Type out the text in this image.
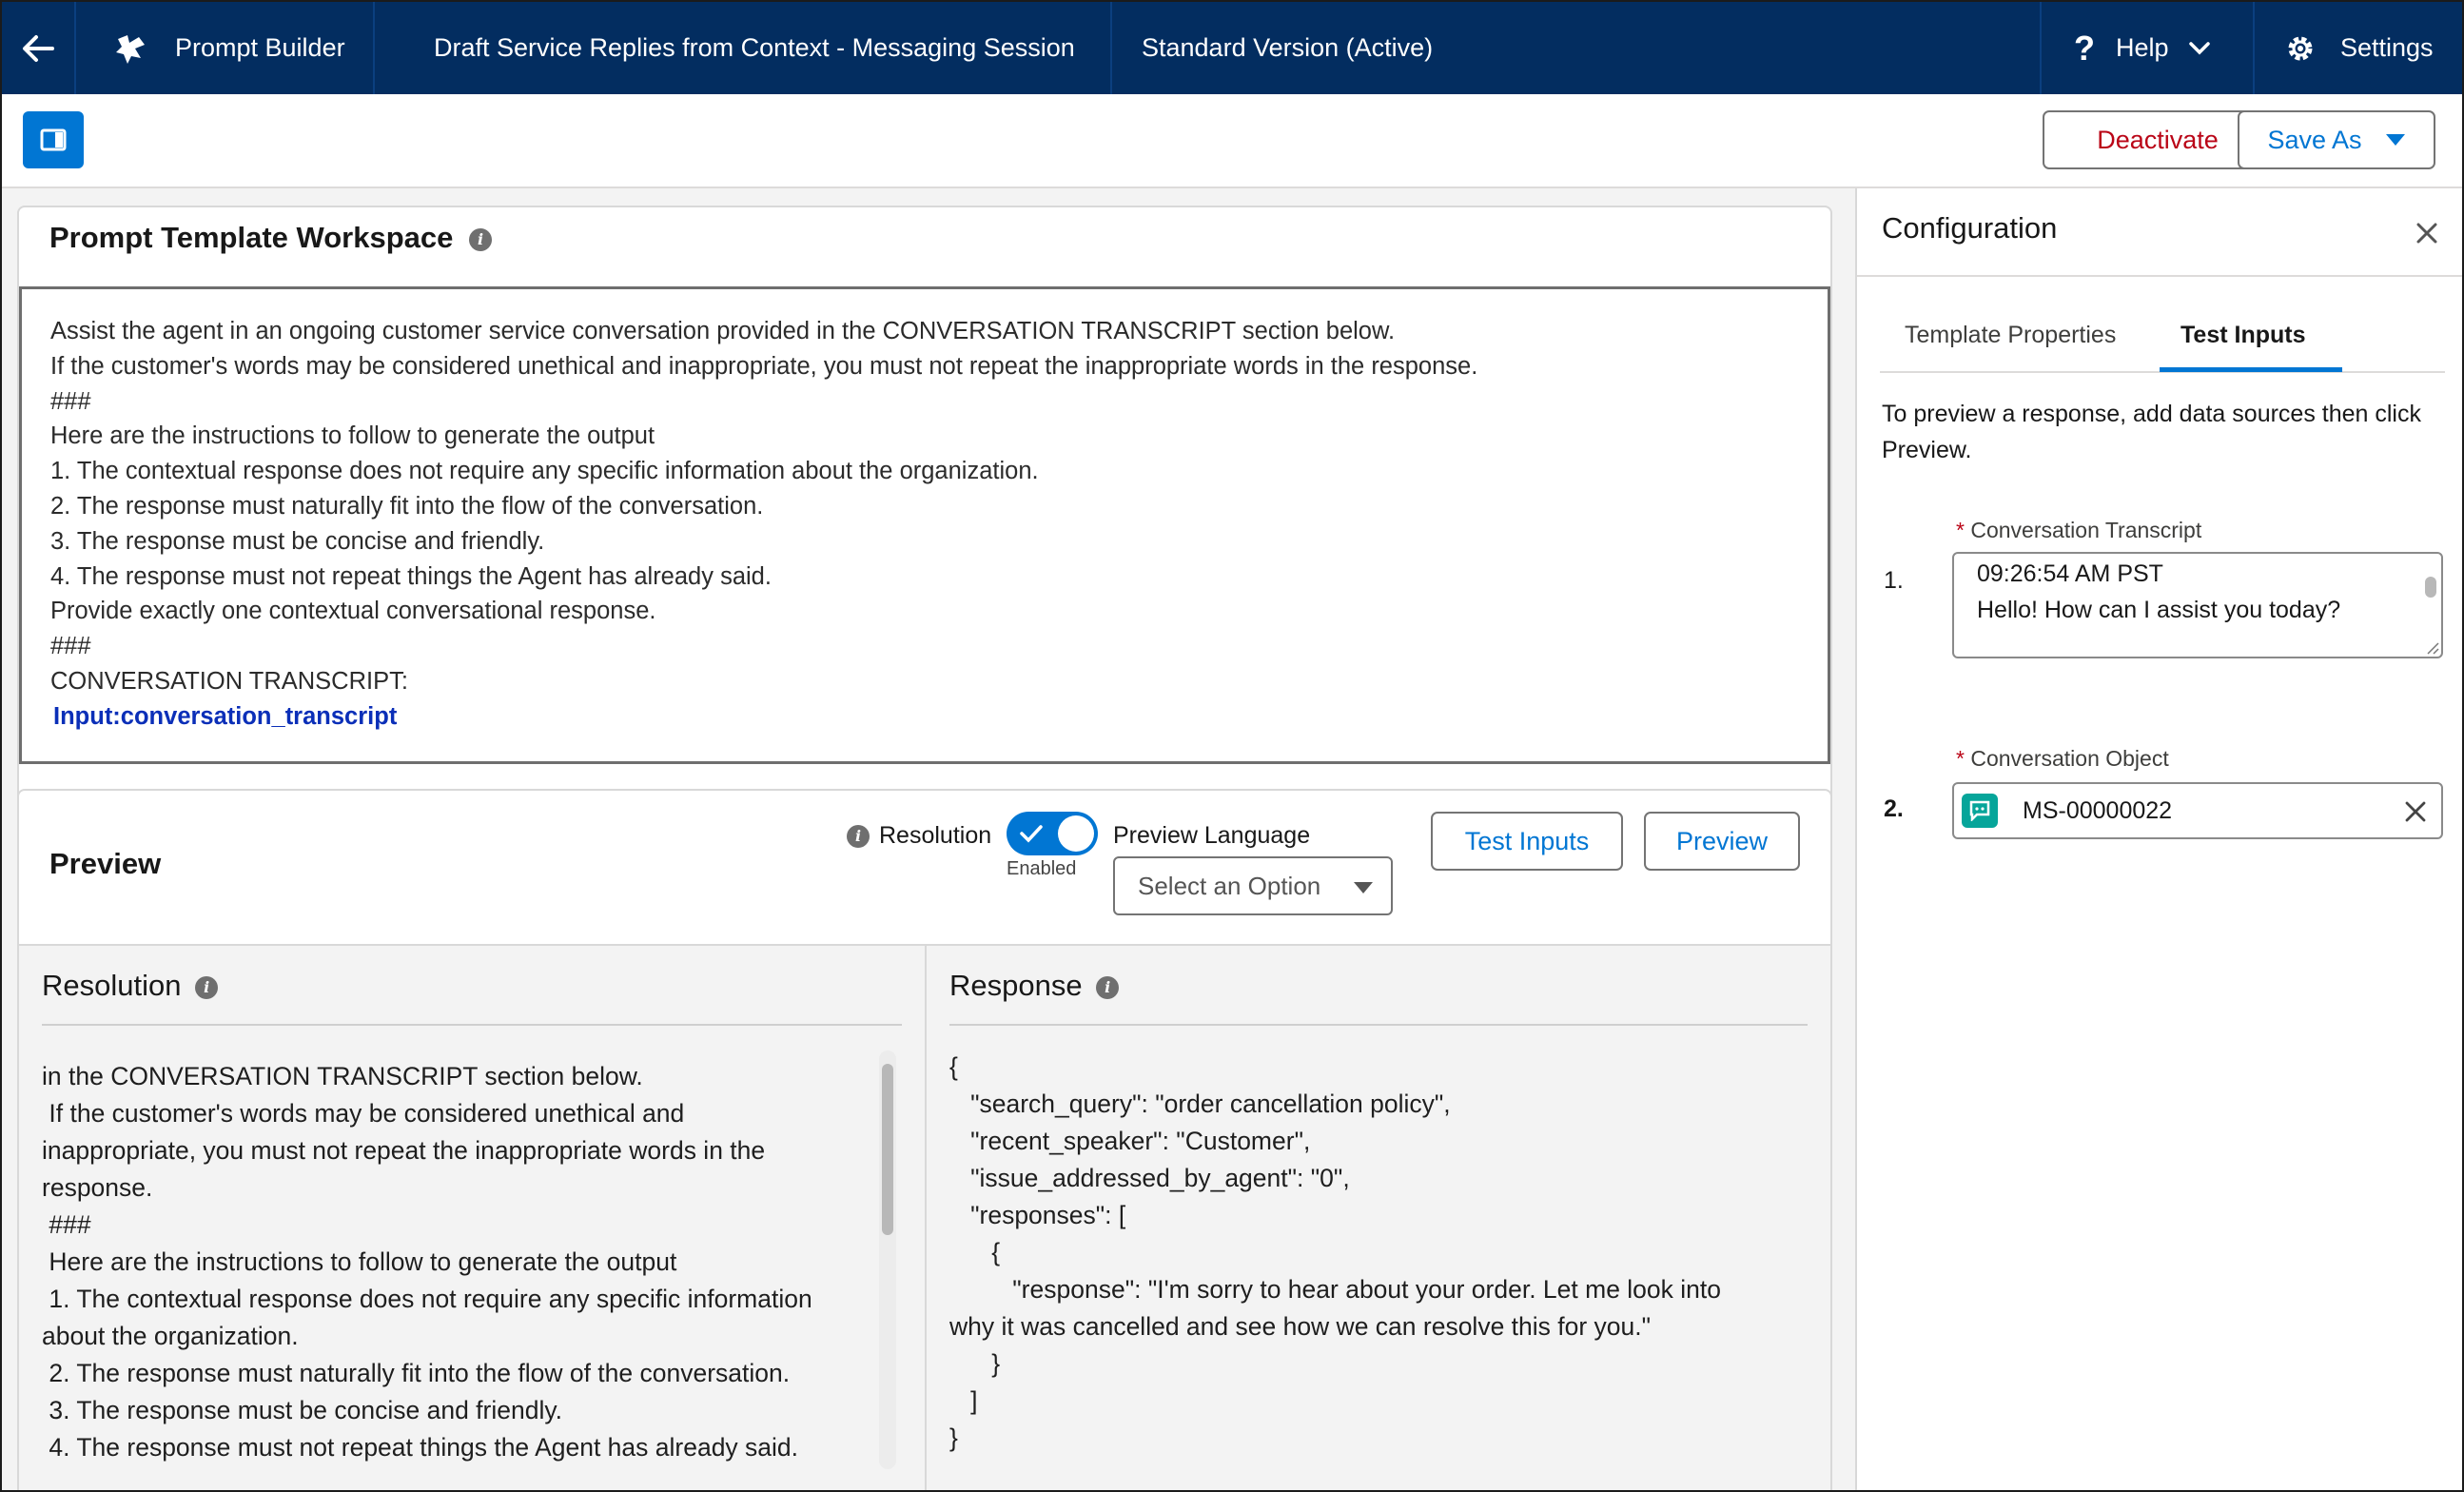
Prompt Builder	Draft Service Replies from Context - Messaging Session	Standard Version (Active)	? Help	Settings
Deactivate	Save As
Prompt Template Workspace i
Assist the agent in an ongoing customer service conversation provided in the CONVERSATION TRANSCRIPT section below.
If the customer's words may be considered unethical and inappropriate, you must not repeat the inappropriate words in the response.
###
Here are the instructions to follow to generate the output
1. The contextual response does not require any specific information about the organization.
2. The response must naturally fit into the flow of the conversation.
3. The response must be concise and friendly.
4. The response must not repeat things the Agent has already said.
Provide exactly one contextual conversational response.
###
CONVERSATION TRANSCRIPT:
Input:conversation_transcript
Preview
i Resolution
Enabled
Preview Language
Select an Option
Test Inputs	Preview
Resolution i
in the CONVERSATION TRANSCRIPT section below.
If the customer's words may be considered unethical and
inappropriate, you must not repeat the inappropriate words in the
response.
###
Here are the instructions to follow to generate the output
1. The contextual response does not require any specific information
about the organization.
2. The response must naturally fit into the flow of the conversation.
3. The response must be concise and friendly.
4. The response must not repeat things the Agent has already said.
Response i
{
"search_query": "order cancellation policy",
"recent_speaker": "Customer",
"issue_addressed_by_agent": "0",
"responses": [
{
"response": "I'm sorry to hear about your order. Let me look into
why it was cancelled and see how we can resolve this for you."
}
]
}
Configuration
Template Properties	Test Inputs
To preview a response, add data sources then click Preview.
1.
* Conversation Transcript
09:26:54 AM PST
Hello! How can I assist you today?
2.
* Conversation Object
MS-00000022
